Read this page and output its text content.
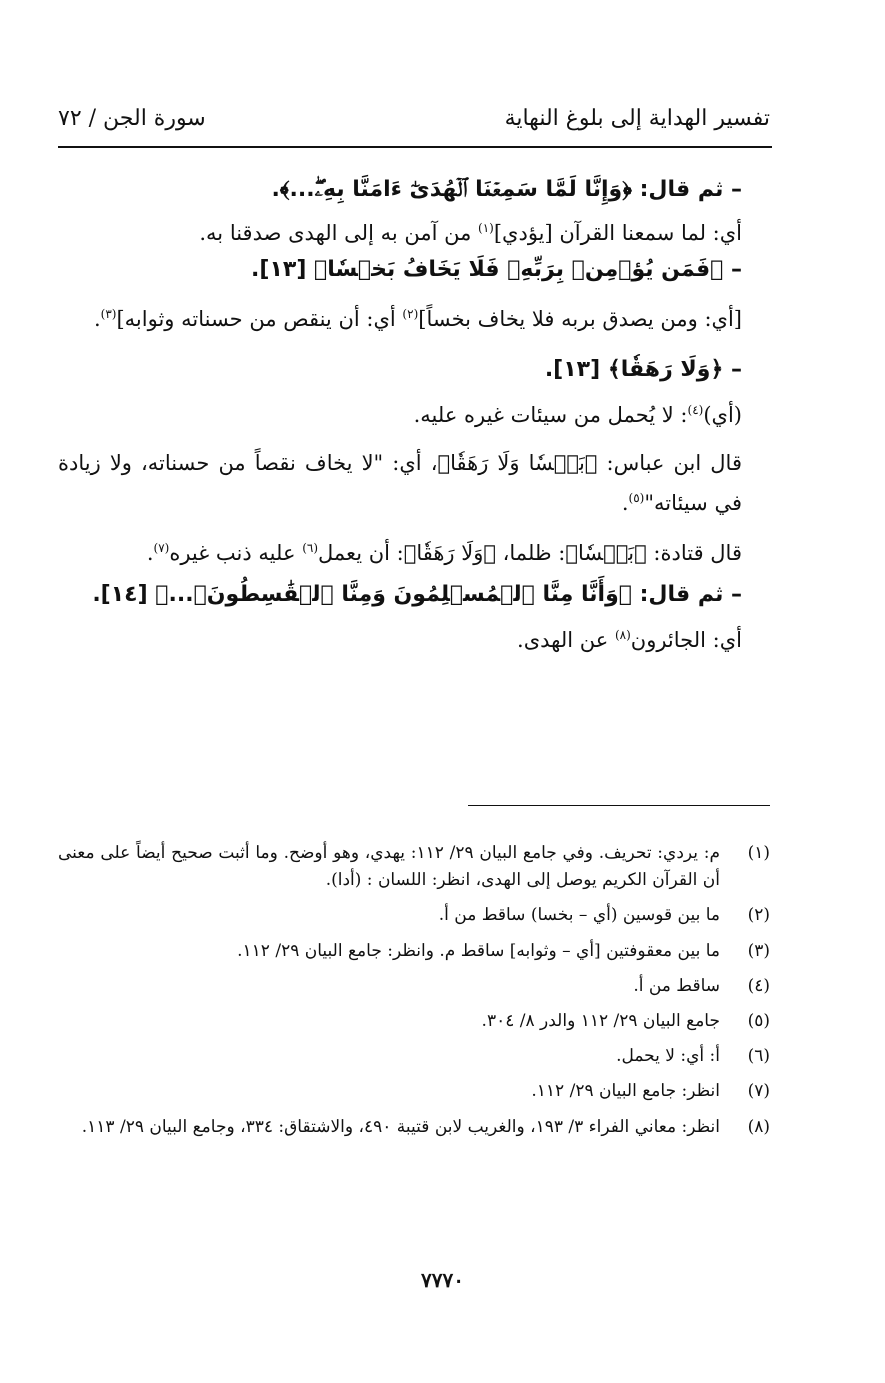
تفسير الهداية إلى بلوغ النهاية
سورة الجن / ٧٢

– ثم قال: ﴿وَإِنَّا لَمَّا سَمِعۡنَا ٱلۡهُدَىٰٓ ءَامَنَّا بِهِۦۖ...﴾.

أي: لما سمعنا القرآن [يؤدي]$^{(١)}$ من آمن به إلى الهدى صدقنا به.

– ﴿فَمَن يُؤۡمِنۢ بِرَبِّهِۦ فَلَا يَخَافُ بَخۡسٗا﴾ [١٣].

[أي: ومن يصدق بربه فلا يخاف بخساً]$^{(٢)}$ أي: أن ينقص من حسناته وثوابه]$^{(٣)}$.

– ﴿وَلَا رَهَقٗا﴾ [١٣].

(أي)$^{(٤)}$: لا يُحمل من سيئات غيره عليه.

قال ابن عباس: ﴿بَخۡسٗا وَلَا رَهَقٗا﴾، أي: "لا يخاف نقصاً من حسناته، ولا زيادة في سيئاته"$^{(٥)}$.

قال قتادة: ﴿بَخۡسٗا﴾: ظلما، ﴿وَلَا رَهَقٗا﴾: أن يعمل$^{(٦)}$ عليه ذنب غيره$^{(٧)}$.

– ثم قال: ﴿وَأَنَّا مِنَّا ٱلۡمُسۡلِمُونَ وَمِنَّا ٱلۡقَٰسِطُونَۖ...﴾ [١٤].

أي: الجائرون$^{(٨)}$ عن الهدى.

(١)
م: يردي: تحريف. وفي جامع البيان ٢٩/ ١١٢: يهدي، وهو أوضح. وما أثبت صحيح أيضاً على معنى أن القرآن الكريم يوصل إلى الهدى، انظر: اللسان : (أدا).
(٢)
ما بين قوسين (أي – بخسا) ساقط من أ.
(٣)
ما بين معقوفتين [أي – وثوابه] ساقط م. وانظر: جامع البيان ٢٩/ ١١٢.
(٤)
ساقط من أ.
(٥)
جامع البيان ٢٩/ ١١٢ والدر ٨/ ٣٠٤.
(٦)
أ: أي: لا يحمل.
(٧)
انظر: جامع البيان ٢٩/ ١١٢.
(٨)
انظر: معاني الفراء ٣/ ١٩٣، والغريب لابن قتيبة ٤٩٠، والاشتقاق: ٣٣٤، وجامع البيان ٢٩/ ١١٣.
٧٧٧٠
